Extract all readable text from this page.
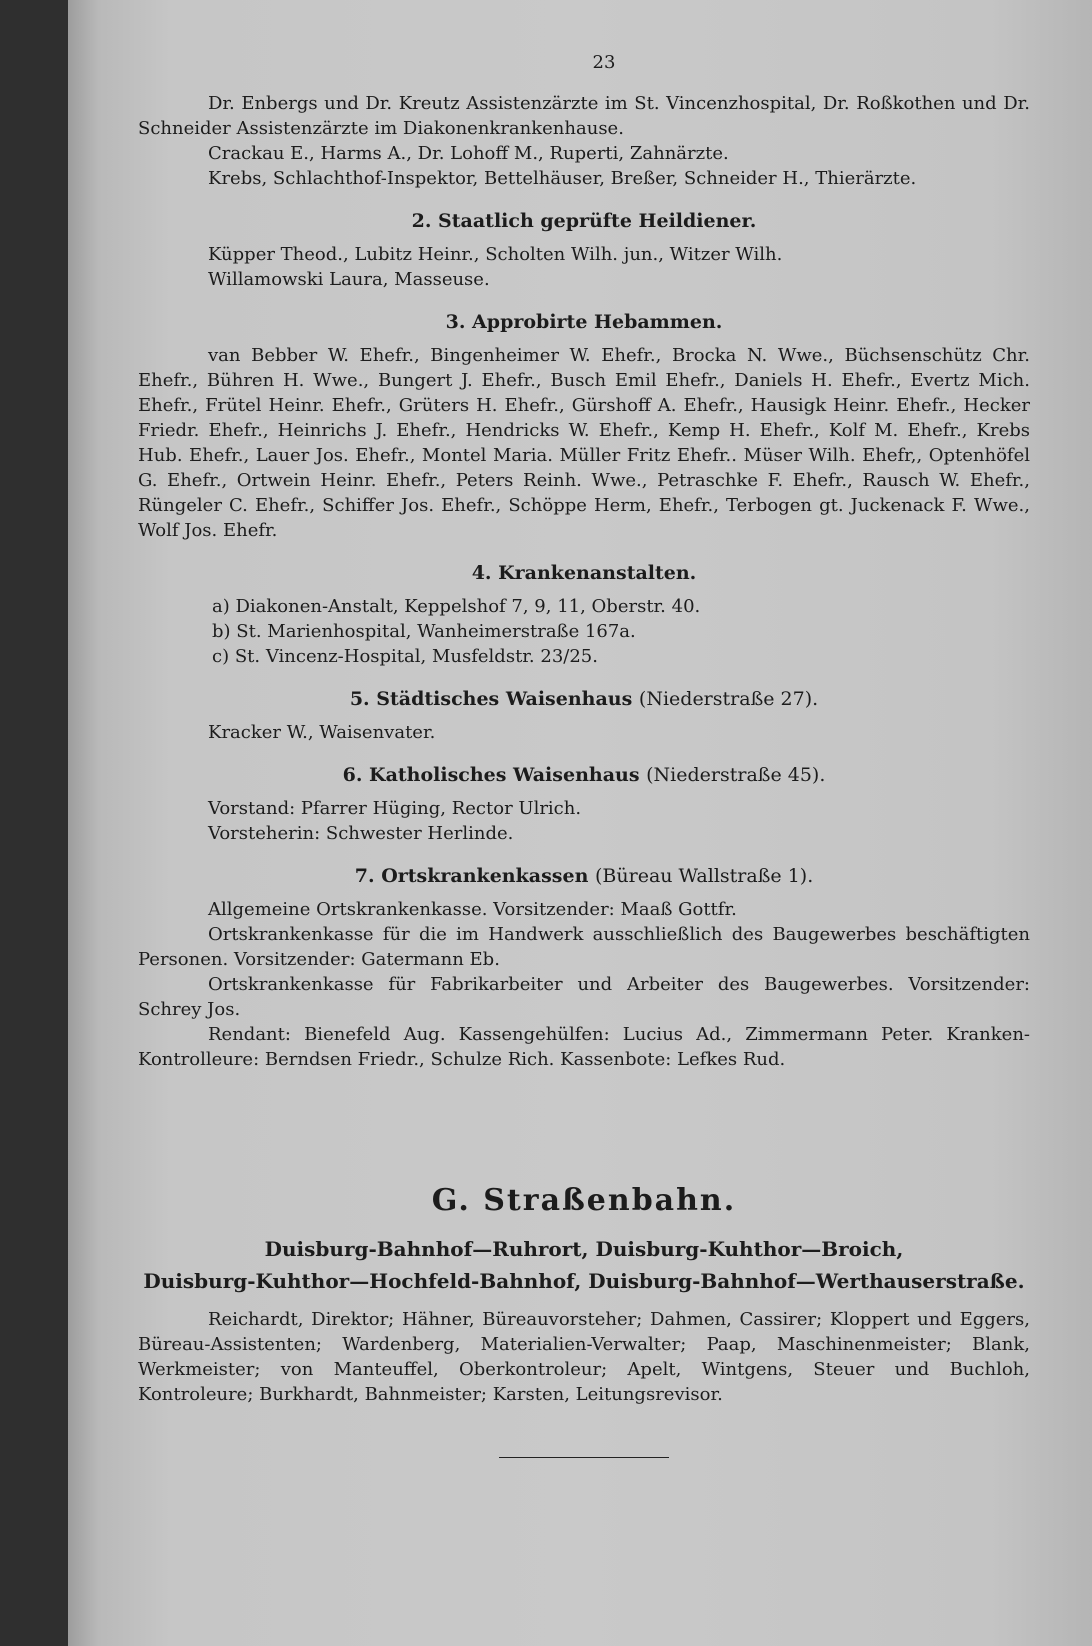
23

Dr. Enbergs und Dr. Kreutz Assistenzärzte im St. Vincenzhospital, Dr. Roßkothen und Dr. Schneider Assistenzärzte im Diakonenkrankenhause.

Crackau E., Harms A., Dr. Lohoff M., Ruperti, Zahnärzte.

Krebs, Schlachthof-Inspektor, Bettelhäuser, Breßer, Schneider H., Thierärzte.

2. Staatlich geprüfte Heildiener.

Küpper Theod., Lubitz Heinr., Scholten Wilh. jun., Witzer Wilh.

Willamowski Laura, Masseuse.

3. Approbirte Hebammen.

van Bebber W. Ehefr., Bingenheimer W. Ehefr., Brocka N. Wwe., Büchsenschütz Chr. Ehefr., Bühren H. Wwe., Bungert J. Ehefr., Busch Emil Ehefr., Daniels H. Ehefr., Evertz Mich. Ehefr., Frütel Heinr. Ehefr., Grüters H. Ehefr., Gürshoff A. Ehefr., Hausigk Heinr. Ehefr., Hecker Friedr. Ehefr., Heinrichs J. Ehefr., Hendricks W. Ehefr., Kemp H. Ehefr., Kolf M. Ehefr., Krebs Hub. Ehefr., Lauer Jos. Ehefr., Montel Maria. Müller Fritz Ehefr.. Müser Wilh. Ehefr,, Optenhöfel G. Ehefr., Ortwein Heinr. Ehefr., Peters Reinh. Wwe., Petraschke F. Ehefr., Rausch W. Ehefr., Rüngeler C. Ehefr., Schiffer Jos. Ehefr., Schöppe Herm, Ehefr., Terbogen gt. Juckenack F. Wwe., Wolf Jos. Ehefr.

4. Krankenanstalten.

a) Diakonen-Anstalt, Keppelshof 7, 9, 11, Oberstr. 40.

b) St. Marienhospital, Wanheimerstraße 167a.

c) St. Vincenz-Hospital, Musfeldstr. 23/25.

5. Städtisches Waisenhaus (Niederstraße 27).

Kracker W., Waisenvater.

6. Katholisches Waisenhaus (Niederstraße 45).

Vorstand: Pfarrer Hüging, Rector Ulrich.

Vorsteherin: Schwester Herlinde.

7. Ortskrankenkassen (Büreau Wallstraße 1).

Allgemeine Ortskrankenkasse. Vorsitzender: Maaß Gottfr.

Ortskrankenkasse für die im Handwerk ausschließlich des Baugewerbes beschäftigten Personen. Vorsitzender: Gatermann Eb.

Ortskrankenkasse für Fabrikarbeiter und Arbeiter des Baugewerbes. Vorsitzender: Schrey Jos.

Rendant: Bienefeld Aug. Kassengehülfen: Lucius Ad., Zimmermann Peter. Kranken-Kontrolleure: Berndsen Friedr., Schulze Rich. Kassenbote: Lefkes Rud.

G. Straßenbahn.
Duisburg-Bahnhof—Ruhrort, Duisburg-Kuhthor—Broich,
Duisburg-Kuhthor—Hochfeld-Bahnhof, Duisburg-Bahnhof—Werthauserstraße.

Reichardt, Direktor; Hähner, Büreauvorsteher; Dahmen, Cassirer; Kloppert und Eggers, Büreau-Assistenten; Wardenberg, Materialien-Verwalter; Paap, Maschinenmeister; Blank, Werkmeister; von Manteuffel, Oberkontroleur; Apelt, Wintgens, Steuer und Buchloh, Kontroleure; Burkhardt, Bahnmeister; Karsten, Leitungsrevisor.
